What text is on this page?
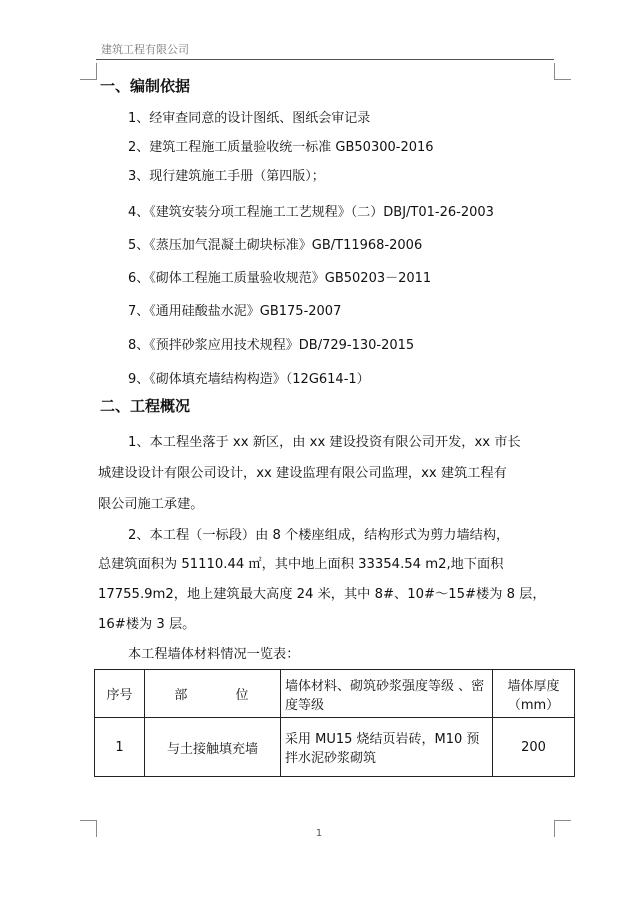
建筑工程有限公司
一、编制依据
1、经审查同意的设计图纸、图纸会审记录
2、建筑工程施工质量验收统一标准 GB50300-2016
3、现行建筑施工手册（第四版）；
4、《建筑安装分项工程施工工艺规程》（二）DBJ/T01-26-2003
5、《蒸压加气混凝土砌块标准》GB/T11968-2006
6、《砌体工程施工质量验收规范》GB50203－2011
7、《通用硅酸盐水泥》GB175-2007
8、《预拌砂浆应用技术规程》DB/729-130-2015
9、《砌体填充墙结构构造》（12G614-1）
二、工程概况
1、本工程坐落于 xx 新区，由 xx 建设投资有限公司开发，xx 市长
城建设设计有限公司设计，xx 建设监理有限公司监理，xx 建筑工程有
限公司施工承建。
2、本工程（一标段）由 8 个楼座组成，结构形式为剪力墙结构，
总建筑面积为 51110.44 ㎡，其中地上面积 33354.54 m2,地下面积
17755.9m2，地上建筑最大高度 24 米，其中 8#、10#～15#楼为 8 层，
16#楼为 3 层。
本工程墙体材料情况一览表：
序号	部 位	墙体材料、砌筑砂浆强度等级 、密度等级	墙体厚度（mm）
1	与土接触填充墙	采用 MU15 烧结页岩砖，M10 预拌水泥砂浆砌筑	200
1
